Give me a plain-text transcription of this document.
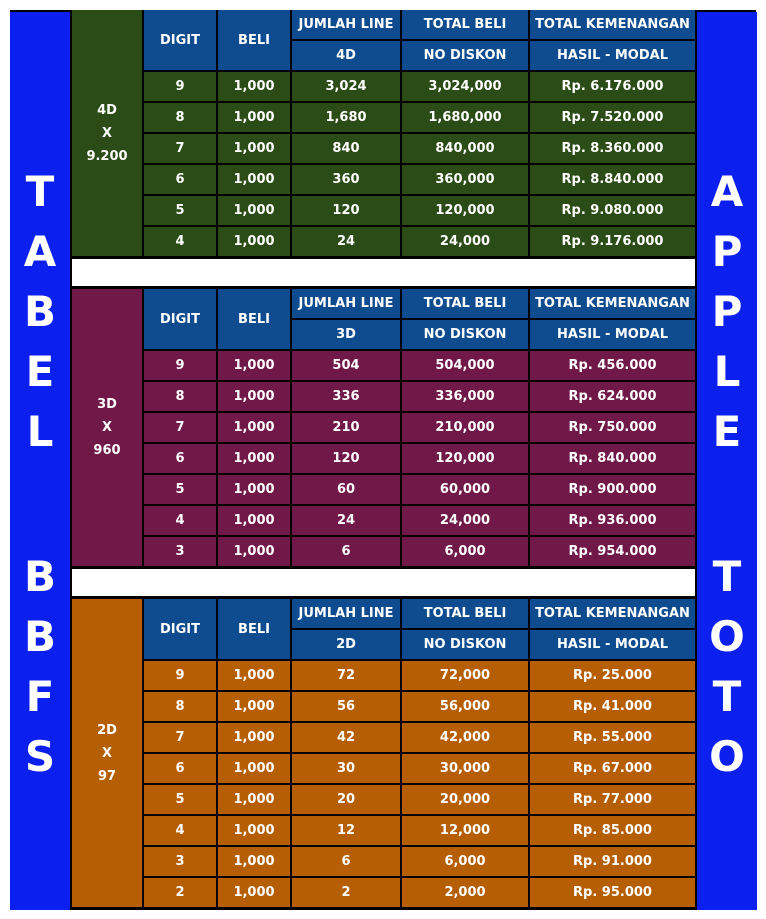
T
A
B
E
L
B
B
F
S
A
P
P
L
E
T
O
T
O
4D
X
9.200	DIGIT	BELI	JUMLAH LINE	TOTAL BELI	TOTAL KEMENANGAN
			4D	NO DISKON	HASIL - MODAL
	9	1,000	3,024	3,024,000	Rp. 6.176.000
	8	1,000	1,680	1,680,000	Rp. 7.520.000
	7	1,000	840	840,000	Rp. 8.360.000
	6	1,000	360	360,000	Rp. 8.840.000
	5	1,000	120	120,000	Rp. 9.080.000
	4	1,000	24	24,000	Rp. 9.176.000
3D
X
960	DIGIT	BELI	JUMLAH LINE	TOTAL BELI	TOTAL KEMENANGAN
			3D	NO DISKON	HASIL - MODAL
	9	1,000	504	504,000	Rp. 456.000
	8	1,000	336	336,000	Rp. 624.000
	7	1,000	210	210,000	Rp. 750.000
	6	1,000	120	120,000	Rp. 840.000
	5	1,000	60	60,000	Rp. 900.000
	4	1,000	24	24,000	Rp. 936.000
	3	1,000	6	6,000	Rp. 954.000
2D
X
97	DIGIT	BELI	JUMLAH LINE	TOTAL BELI	TOTAL KEMENANGAN
			2D	NO DISKON	HASIL - MODAL
	9	1,000	72	72,000	Rp. 25.000
	8	1,000	56	56,000	Rp. 41.000
	7	1,000	42	42,000	Rp. 55.000
	6	1,000	30	30,000	Rp. 67.000
	5	1,000	20	20,000	Rp. 77.000
	4	1,000	12	12,000	Rp. 85.000
	3	1,000	6	6,000	Rp. 91.000
	2	1,000	2	2,000	Rp. 95.000
